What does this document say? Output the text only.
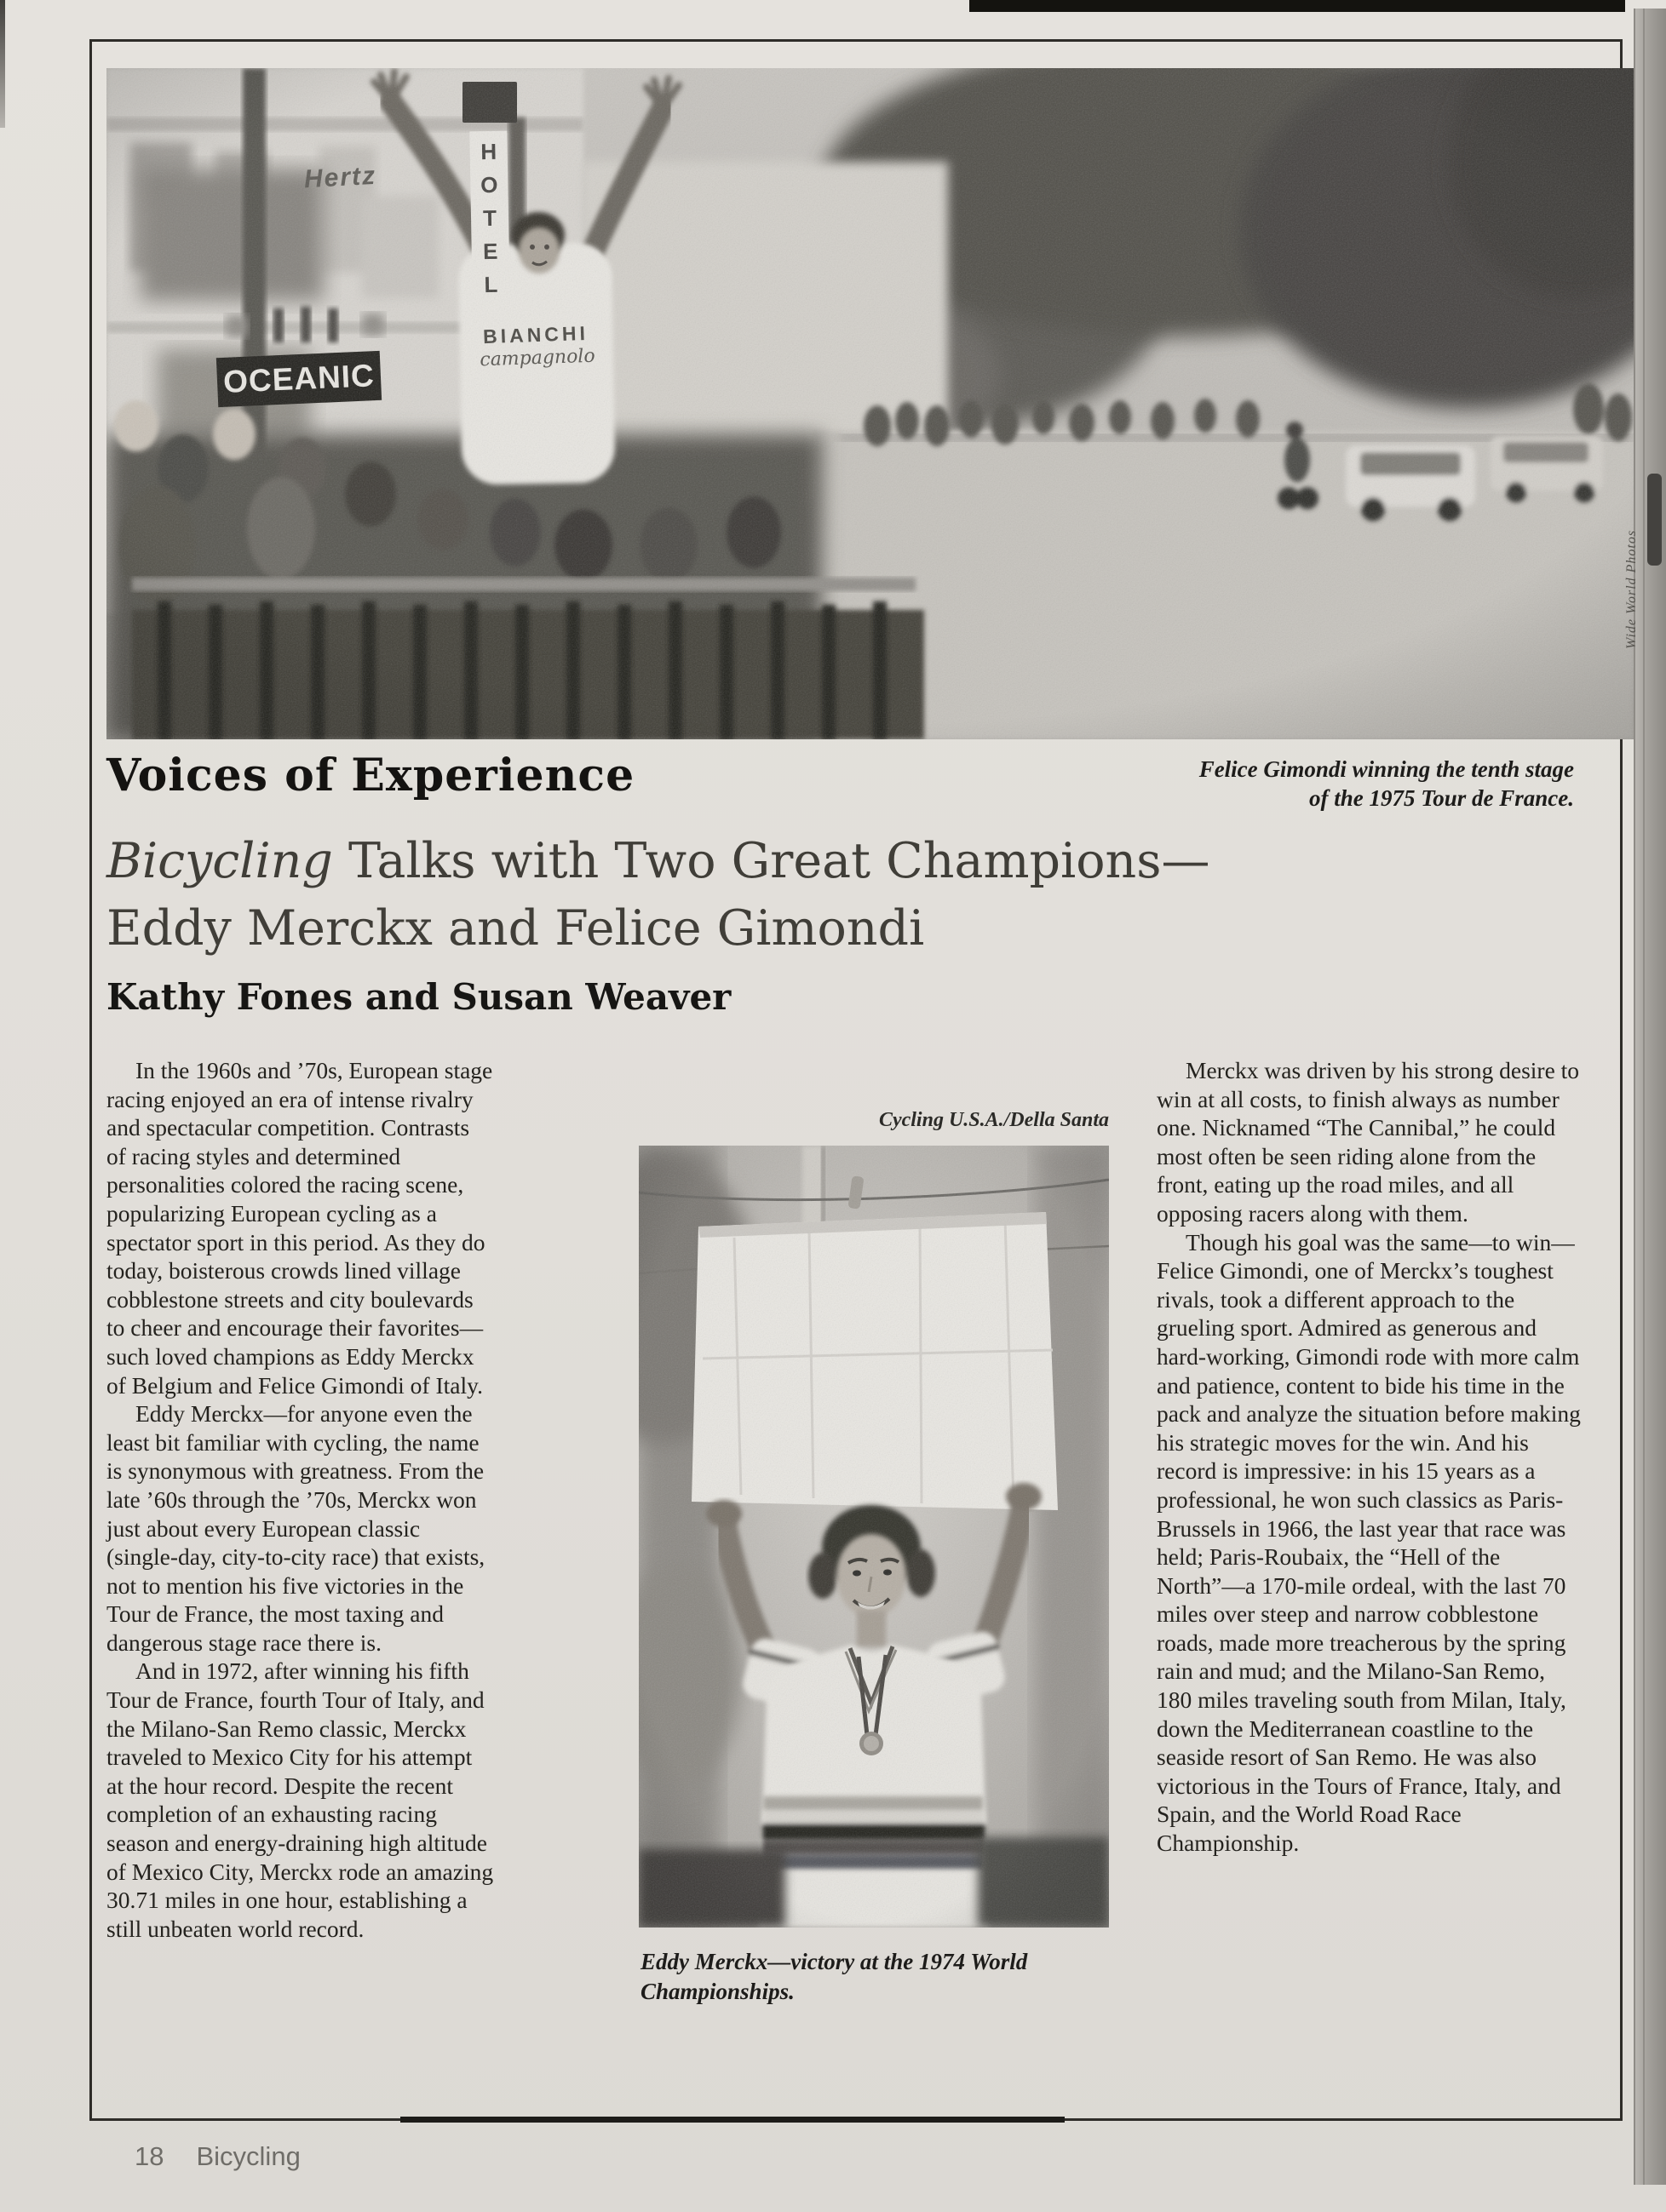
Hertz
H
O
T
E
L
OCEANIC
BIANCHI
campagnolo
Wide World Photos
Voices of Experience	Felice Gimondi winning the tenth stage
of the 1975 Tour de France.
Bicycling Talks with Two Great Champions—
Eddy Merckx and Felice Gimondi
Kathy Fones and Susan Weaver

In the 1960s and ’70s, European stage racing enjoyed an era of intense rivalry and spectacular competition. Contrasts of racing styles and determined personalities colored the racing scene, popularizing European cycling as a spectator sport in this period. As they do today, boisterous crowds lined village cobblestone streets and city boulevards to cheer and encourage their favorites—such loved champions as Eddy Merckx of Belgium and Felice Gimondi of Italy.

Eddy Merckx—for anyone even the least bit familiar with cycling, the name is synonymous with greatness. From the late ’60s through the ’70s, Merckx won just about every European classic (single-day, city-to-city race) that exists, not to mention his five victories in the Tour de France, the most taxing and dangerous stage race there is.

And in 1972, after winning his fifth Tour de France, fourth Tour of Italy, and the Milano-San Remo classic, Merckx traveled to Mexico City for his attempt at the hour record. Despite the recent completion of an exhausting racing season and energy-draining high altitude of Mexico City, Merckx rode an amazing 30.71 miles in one hour, establishing a still unbeaten world record.

Merckx was driven by his strong desire to win at all costs, to finish always as number one. Nicknamed “The Cannibal,” he could most often be seen riding alone from the front, eating up the road miles, and all opposing racers along with them.

Though his goal was the same—to win—Felice Gimondi, one of Merckx’s toughest rivals, took a different approach to the grueling sport. Admired as generous and hard-working, Gimondi rode with more calm and patience, content to bide his time in the pack and analyze the situation before making his strategic moves for the win. And his record is impressive: in his 15 years as a professional, he won such classics as Paris-Brussels in 1966, the last year that race was held; Paris-Roubaix, the “Hell of the North”—a 170-mile ordeal, with the last 70 miles over steep and narrow cobblestone roads, made more treacherous by the spring rain and mud; and the Milano-San Remo, 180 miles traveling south from Milan, Italy, down the Mediterranean coastline to the seaside resort of San Remo. He was also victorious in the Tours of France, Italy, and Spain, and the World Road Race Championship.

Cycling U.S.A./Della Santa
Eddy Merckx—victory at the 1974 World Championships.
18 Bicycling
